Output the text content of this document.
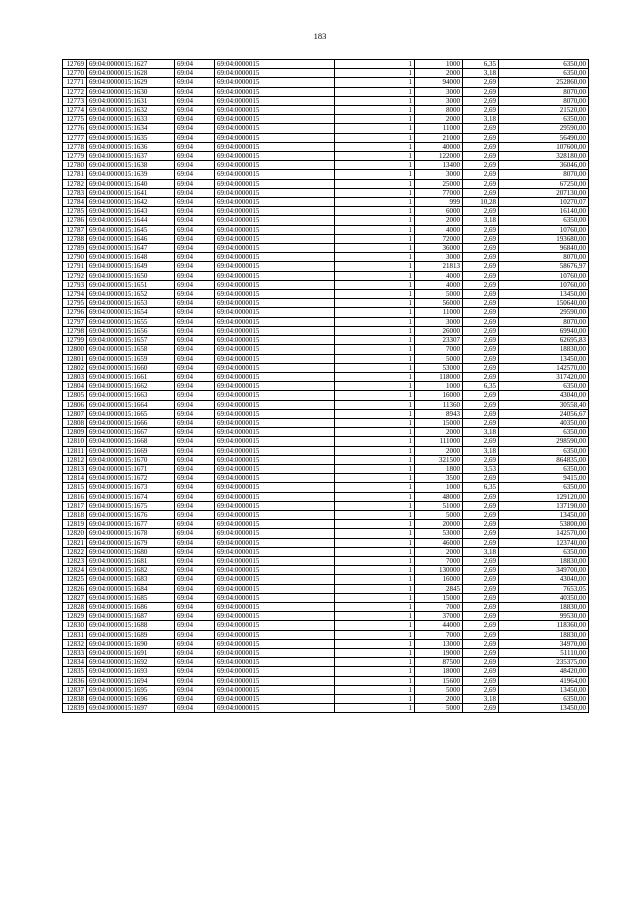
183
12769	69:04:0000015:1627	69:04	69:04:0000015	1	1000	6,35	6350,00
12770	69:04:0000015:1628	69:04	69:04:0000015	1	2000	3,18	6350,00
12771	69:04:0000015:1629	69:04	69:04:0000015	1	94000	2,69	252860,00
12772	69:04:0000015:1630	69:04	69:04:0000015	1	3000	2,69	8070,00
12773	69:04:0000015:1631	69:04	69:04:0000015	1	3000	2,69	8070,00
12774	69:04:0000015:1632	69:04	69:04:0000015	1	8000	2,69	21520,00
12775	69:04:0000015:1633	69:04	69:04:0000015	1	2000	3,18	6350,00
12776	69:04:0000015:1634	69:04	69:04:0000015	1	11000	2,69	29590,00
12777	69:04:0000015:1635	69:04	69:04:0000015	1	21000	2,69	56490,00
12778	69:04:0000015:1636	69:04	69:04:0000015	1	40000	2,69	107600,00
12779	69:04:0000015:1637	69:04	69:04:0000015	1	122000	2,69	328180,00
12780	69:04:0000015:1638	69:04	69:04:0000015	1	13400	2,69	36046,00
12781	69:04:0000015:1639	69:04	69:04:0000015	1	3000	2,69	8070,00
12782	69:04:0000015:1640	69:04	69:04:0000015	1	25000	2,69	67250,00
12783	69:04:0000015:1641	69:04	69:04:0000015	1	77000	2,69	207130,00
12784	69:04:0000015:1642	69:04	69:04:0000015	1	999	10,28	10270,07
12785	69:04:0000015:1643	69:04	69:04:0000015	1	6000	2,69	16140,00
12786	69:04:0000015:1644	69:04	69:04:0000015	1	2000	3,18	6350,00
12787	69:04:0000015:1645	69:04	69:04:0000015	1	4000	2,69	10760,00
12788	69:04:0000015:1646	69:04	69:04:0000015	1	72000	2,69	193680,00
12789	69:04:0000015:1647	69:04	69:04:0000015	1	36000	2,69	96840,00
12790	69:04:0000015:1648	69:04	69:04:0000015	1	3000	2,69	8070,00
12791	69:04:0000015:1649	69:04	69:04:0000015	1	21813	2,69	58676,97
12792	69:04:0000015:1650	69:04	69:04:0000015	1	4000	2,69	10760,00
12793	69:04:0000015:1651	69:04	69:04:0000015	1	4000	2,69	10760,00
12794	69:04:0000015:1652	69:04	69:04:0000015	1	5000	2,69	13450,00
12795	69:04:0000015:1653	69:04	69:04:0000015	1	56000	2,69	150640,00
12796	69:04:0000015:1654	69:04	69:04:0000015	1	11000	2,69	29590,00
12797	69:04:0000015:1655	69:04	69:04:0000015	1	3000	2,69	8070,00
12798	69:04:0000015:1656	69:04	69:04:0000015	1	26000	2,69	69940,00
12799	69:04:0000015:1657	69:04	69:04:0000015	1	23307	2,69	62695,83
12800	69:04:0000015:1658	69:04	69:04:0000015	1	7000	2,69	18830,00
12801	69:04:0000015:1659	69:04	69:04:0000015	1	5000	2,69	13450,00
12802	69:04:0000015:1660	69:04	69:04:0000015	1	53000	2,69	142570,00
12803	69:04:0000015:1661	69:04	69:04:0000015	1	118000	2,69	317420,00
12804	69:04:0000015:1662	69:04	69:04:0000015	1	1000	6,35	6350,00
12805	69:04:0000015:1663	69:04	69:04:0000015	1	16000	2,69	43040,00
12806	69:04:0000015:1664	69:04	69:04:0000015	1	11360	2,69	30558,40
12807	69:04:0000015:1665	69:04	69:04:0000015	1	8943	2,69	24056,67
12808	69:04:0000015:1666	69:04	69:04:0000015	1	15000	2,69	40350,00
12809	69:04:0000015:1667	69:04	69:04:0000015	1	2000	3,18	6350,00
12810	69:04:0000015:1668	69:04	69:04:0000015	1	111000	2,69	298590,00
12811	69:04:0000015:1669	69:04	69:04:0000015	1	2000	3,18	6350,00
12812	69:04:0000015:1670	69:04	69:04:0000015	1	321500	2,69	864835,00
12813	69:04:0000015:1671	69:04	69:04:0000015	1	1800	3,53	6350,00
12814	69:04:0000015:1672	69:04	69:04:0000015	1	3500	2,69	9415,00
12815	69:04:0000015:1673	69:04	69:04:0000015	1	1000	6,35	6350,00
12816	69:04:0000015:1674	69:04	69:04:0000015	1	48000	2,69	129120,00
12817	69:04:0000015:1675	69:04	69:04:0000015	1	51000	2,69	137190,00
12818	69:04:0000015:1676	69:04	69:04:0000015	1	5000	2,69	13450,00
12819	69:04:0000015:1677	69:04	69:04:0000015	1	20000	2,69	53800,00
12820	69:04:0000015:1678	69:04	69:04:0000015	1	53000	2,69	142570,00
12821	69:04:0000015:1679	69:04	69:04:0000015	1	46000	2,69	123740,00
12822	69:04:0000015:1680	69:04	69:04:0000015	1	2000	3,18	6350,00
12823	69:04:0000015:1681	69:04	69:04:0000015	1	7000	2,69	18830,00
12824	69:04:0000015:1682	69:04	69:04:0000015	1	130000	2,69	349700,00
12825	69:04:0000015:1683	69:04	69:04:0000015	1	16000	2,69	43040,00
12826	69:04:0000015:1684	69:04	69:04:0000015	1	2845	2,69	7653,05
12827	69:04:0000015:1685	69:04	69:04:0000015	1	15000	2,69	40350,00
12828	69:04:0000015:1686	69:04	69:04:0000015	1	7000	2,69	18830,00
12829	69:04:0000015:1687	69:04	69:04:0000015	1	37000	2,69	99530,00
12830	69:04:0000015:1688	69:04	69:04:0000015	1	44000	2,69	118360,00
12831	69:04:0000015:1689	69:04	69:04:0000015	1	7000	2,69	18830,00
12832	69:04:0000015:1690	69:04	69:04:0000015	1	13000	2,69	34970,00
12833	69:04:0000015:1691	69:04	69:04:0000015	1	19000	2,69	51110,00
12834	69:04:0000015:1692	69:04	69:04:0000015	1	87500	2,69	235375,00
12835	69:04:0000015:1693	69:04	69:04:0000015	1	18000	2,69	48420,00
12836	69:04:0000015:1694	69:04	69:04:0000015	1	15600	2,69	41964,00
12837	69:04:0000015:1695	69:04	69:04:0000015	1	5000	2,69	13450,00
12838	69:04:0000015:1696	69:04	69:04:0000015	1	2000	3,18	6350,00
12839	69:04:0000015:1697	69:04	69:04:0000015	1	5000	2,69	13450,00
